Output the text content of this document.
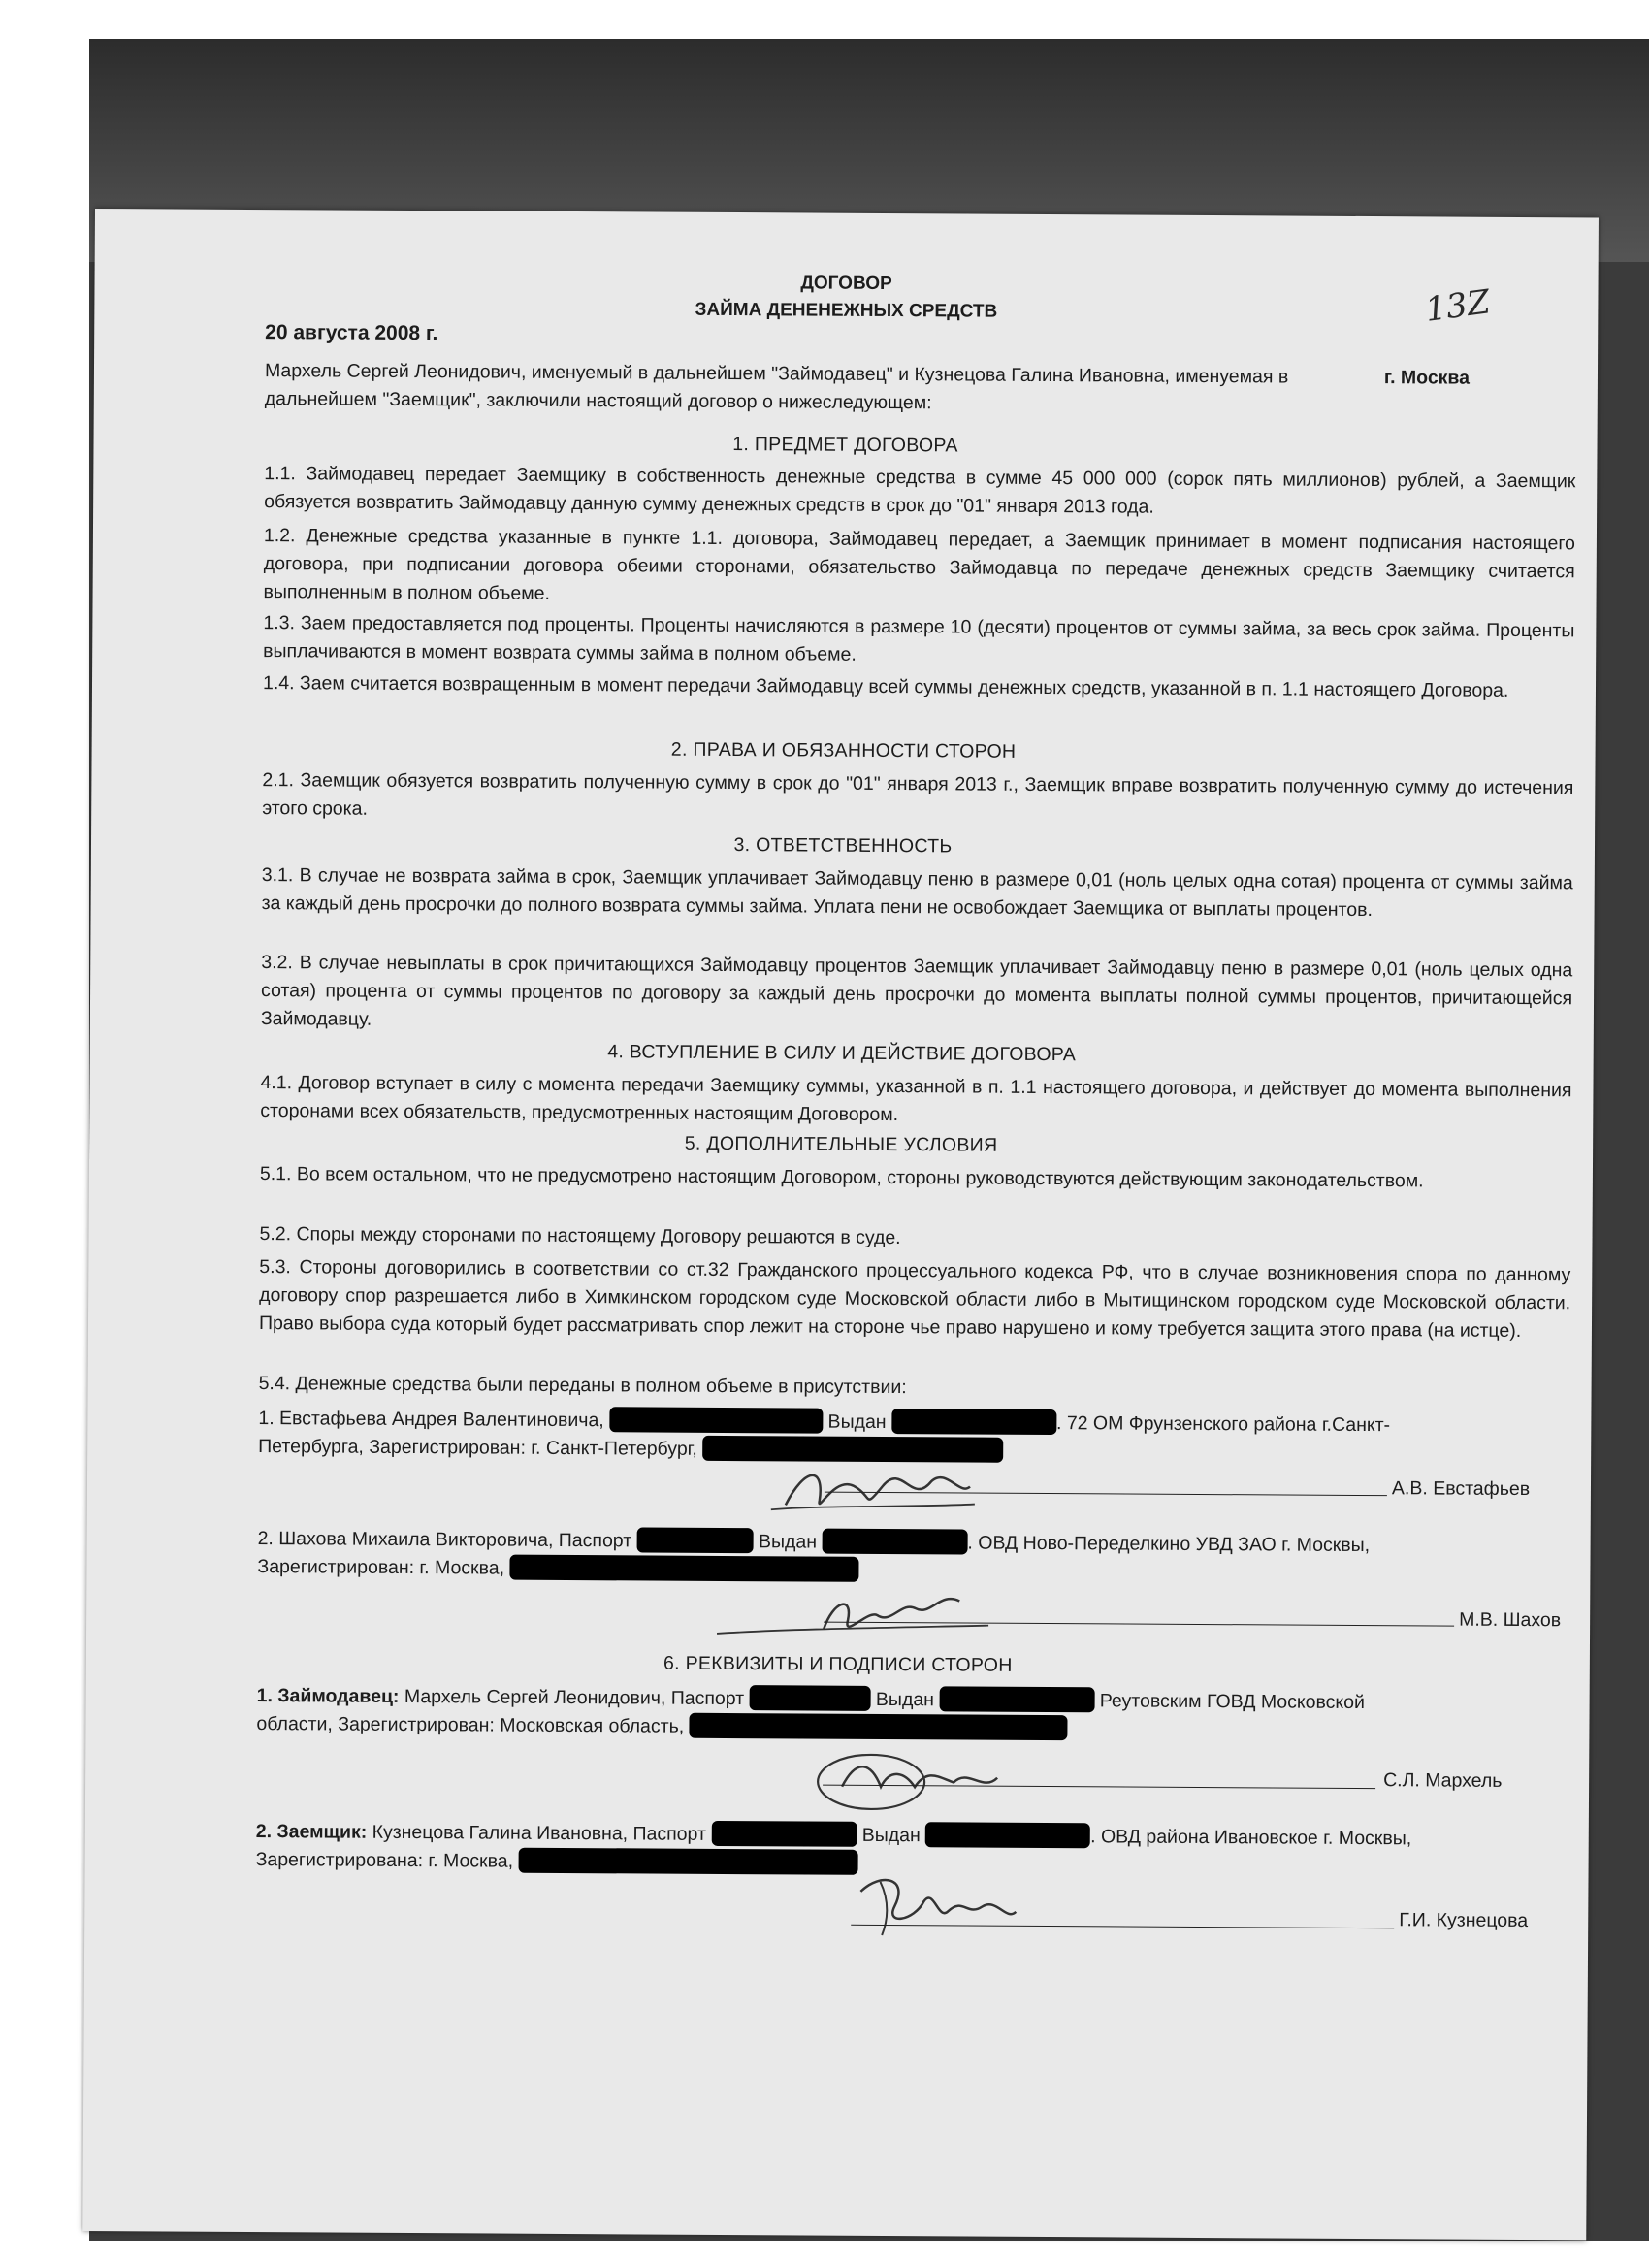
13Z
ДОГОВОР
ЗАЙМА ДЕНЕНЕЖНЫХ СРЕДСТВ
20 августа 2008 г.
г. Москва

Мархель Сергей Леонидович, именуемый в дальнейшем "Займодавец" и Кузнецова Галина Ивановна, именуемая в

дальнейшем "Заемщик", заключили настоящий договор о нижеследующем:

1. ПРЕДМЕТ ДОГОВОРА
1.1. Займодавец передает Заемщику в собственность денежные средства в сумме 45 000 000 (сорок пять миллионов) рублей, а Заемщик обязуется возвратить Займодавцу данную сумму денежных средств в срок до "01" января 2013 года.
1.2. Денежные средства указанные в пункте 1.1. договора, Займодавец передает, а Заемщик принимает в момент подписания настоящего договора, при подписании договора обеими сторонами, обязательство Займодавца по передаче денежных средств Заемщику считается выполненным в полном объеме.
1.3. Заем предоставляется под проценты. Проценты начисляются в размере 10 (десяти) процентов от суммы займа, за весь срок займа. Проценты выплачиваются в момент возврата суммы займа в полном объеме.
1.4. Заем считается возвращенным в момент передачи Займодавцу всей суммы денежных средств, указанной в п. 1.1 настоящего Договора.
2. ПРАВА И ОБЯЗАННОСТИ СТОРОН
2.1. Заемщик обязуется возвратить полученную сумму в срок до "01" января 2013 г., Заемщик вправе возвратить полученную сумму до истечения этого срока.
3. ОТВЕТСТВЕННОСТЬ
3.1. В случае не возврата займа в срок, Заемщик уплачивает Займодавцу пеню в размере 0,01 (ноль целых одна сотая) процента от суммы займа за каждый день просрочки до полного возврата суммы займа. Уплата пени не освобождает Заемщика от выплаты процентов.
3.2. В случае невыплаты в срок причитающихся Займодавцу процентов Заемщик уплачивает Займодавцу пеню в размере 0,01 (ноль целых одна сотая) процента от суммы процентов по договору за каждый день просрочки до момента выплаты полной суммы процентов, причитающейся Займодавцу.
4. ВСТУПЛЕНИЕ В СИЛУ И ДЕЙСТВИЕ ДОГОВОРА
4.1. Договор вступает в силу с момента передачи Заемщику суммы, указанной в п. 1.1 настоящего договора, и действует до момента выполнения сторонами всех обязательств, предусмотренных настоящим Договором.
5. ДОПОЛНИТЕЛЬНЫЕ УСЛОВИЯ
5.1. Во всем остальном, что не предусмотрено настоящим Договором, стороны руководствуются действующим законодательством.
5.2. Споры между сторонами по настоящему Договору решаются в суде.
5.3. Стороны договорились в соответствии со ст.32 Гражданского процессуального кодекса РФ, что в случае возникновения спора по данному договору спор разрешается либо в Химкинском городском суде Московской области либо в Мытищинском городском суде Московской области. Право выбора суда который будет рассматривать спор лежит на стороне чье право нарушено и кому требуется защита этого права (на истце).
5.4. Денежные средства были переданы в полном объеме в присутствии:

1. Евстафьева Андрея Валентиновича,	Выдан	. 72 ОМ Фрунзенского района г.Санкт-

Петербурга, Зарегистрирован: г. Санкт-Петербург,

А.В. Евстафьев

2. Шахова Михаила Викторовича, Паспорт	Выдан	. ОВД Ново-Переделкино УВД ЗАО г. Москвы,

Зарегистрирован: г. Москва,

М.В. Шахов
6. РЕКВИЗИТЫ И ПОДПИСИ СТОРОН

1. Займодавец: Мархель Сергей Леонидович, Паспорт	Выдан	Реутовским ГОВД Московской

области, Зарегистрирован: Московская область,

С.Л. Мархель

2. Заемщик: Кузнецова Галина Ивановна, Паспорт	Выдан	. ОВД района Ивановское г. Москвы,

Зарегистрирована: г. Москва,

Г.И. Кузнецова
